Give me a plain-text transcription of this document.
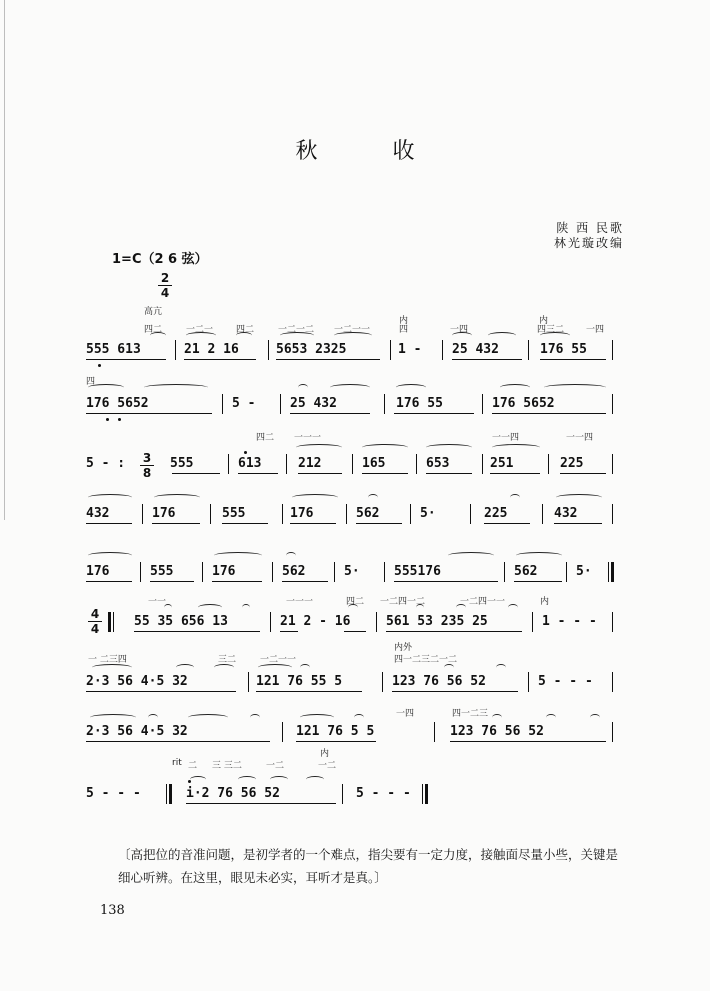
秋 收
陕 西 民歌
林光璇改编
1=C（2 6 弦）
2
4
高亢
内	内
四二	一二一	四二	一二一二 一二一一	四	一四	四三二 一四
555 613	21 2 16	5653 2325	1 - 25 432	176 55
四
176 5652	5 -	25 432	176 55	176 5652
四二 一一一	一一四	一一四
3
8
5 - :	555	613	212	165	653	251	225
432	176	555	176	562	5·	225	432
176	555	176	562	5·	555176	562	5·
一一	一一一	四二 一二四一二	一二四一一	内
4
4	55 35 656 13	21 2 - 16	561 53 235 25	1 - - -
一 二三四	三二	一二一一
内外
四一二三二一二
2·3 56 4·5 32	121 76 55 5	123 76 56 52	5 - - -
一四	四一二三
2·3 56 4·5 32	121 76 5 5	123 76 56 52
内
rit 二 三 三二	一二	一二
5 - - -	i·2 76 56 52	5 - - -
〔高把位的音准问题，是初学者的一个难点，指尖要有一定力度，接触面尽量小些，关键是细心听辨。在这里，眼见未必实，耳听才是真。〕
138
